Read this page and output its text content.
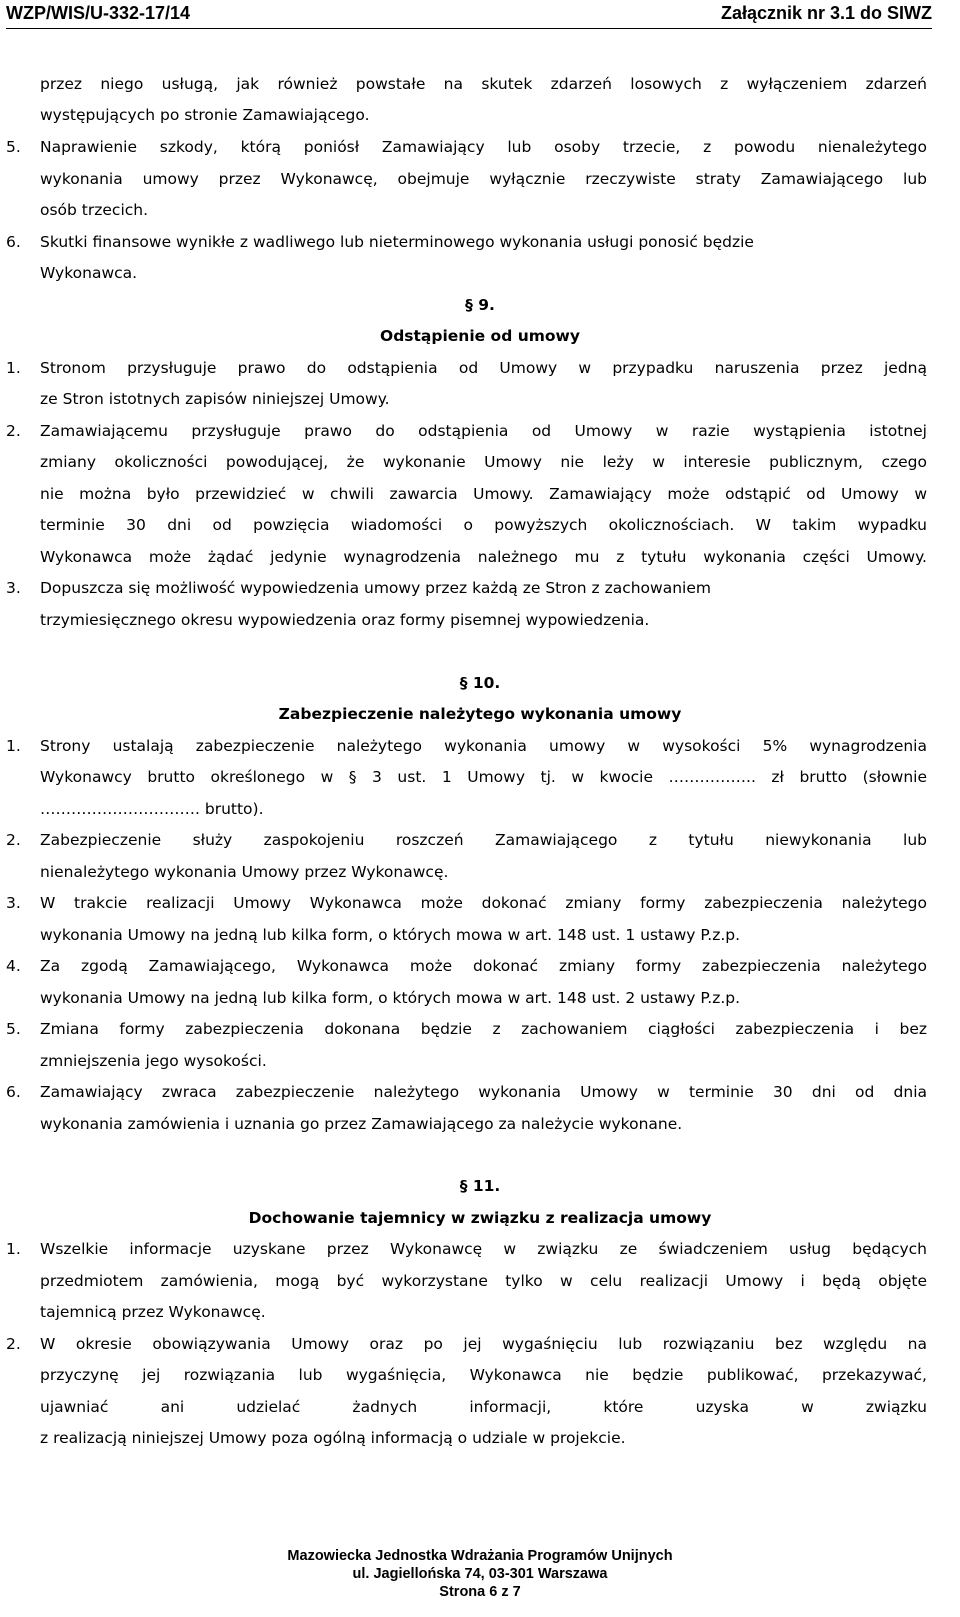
WZP/WIS/U-332-17/14	Załącznik nr 3.1 do SIWZ
przez niego usługą, jak również powstałe na skutek zdarzeń losowych z wyłączeniem zdarzeń
występujących po stronie Zamawiającego.
5.	Naprawienie szkody, którą poniósł Zamawiający lub osoby trzecie, z powodu nienależytego
wykonania umowy przez Wykonawcę, obejmuje wyłącznie rzeczywiste straty Zamawiającego lub
osób trzecich.
6.	Skutki finansowe wynikłe z wadliwego lub nieterminowego wykonania usługi ponosić będzie
Wykonawca.
§ 9.
Odstąpienie od umowy
1.	Stronom przysługuje prawo do odstąpienia od Umowy w przypadku naruszenia przez jedną
ze Stron istotnych zapisów niniejszej Umowy.
2.	Zamawiającemu przysługuje prawo do odstąpienia od Umowy w razie wystąpienia istotnej
zmiany okoliczności powodującej, że wykonanie Umowy nie leży w interesie publicznym, czego
nie można było przewidzieć w chwili zawarcia Umowy. Zamawiający może odstąpić od Umowy w
terminie 30 dni od powzięcia wiadomości o powyższych okolicznościach. W takim wypadku
Wykonawca może żądać jedynie wynagrodzenia należnego mu z tytułu wykonania części Umowy.
3.	Dopuszcza się możliwość wypowiedzenia umowy przez każdą ze Stron z zachowaniem
trzymiesięcznego okresu wypowiedzenia oraz formy pisemnej wypowiedzenia.
§ 10.
Zabezpieczenie należytego wykonania umowy
1.	Strony ustalają zabezpieczenie należytego wykonania umowy w wysokości 5% wynagrodzenia
Wykonawcy brutto określonego w § 3 ust. 1 Umowy tj. w kwocie …………….. zł brutto (słownie
…………………………. brutto).
2.	Zabezpieczenie służy zaspokojeniu roszczeń Zamawiającego z tytułu niewykonania lub
nienależytego wykonania Umowy przez Wykonawcę.
3.	W trakcie realizacji Umowy Wykonawca może dokonać zmiany formy zabezpieczenia należytego
wykonania Umowy na jedną lub kilka form, o których mowa w art. 148 ust. 1 ustawy P.z.p.
4.	Za zgodą Zamawiającego, Wykonawca może dokonać zmiany formy zabezpieczenia należytego
wykonania Umowy na jedną lub kilka form, o których mowa w art. 148 ust. 2 ustawy P.z.p.
5.	Zmiana formy zabezpieczenia dokonana będzie z zachowaniem ciągłości zabezpieczenia i bez
zmniejszenia jego wysokości.
6.	Zamawiający zwraca zabezpieczenie należytego wykonania Umowy w terminie 30 dni od dnia
wykonania zamówienia i uznania go przez Zamawiającego za należycie wykonane.
§ 11.
Dochowanie tajemnicy w związku z realizacja umowy
1.	Wszelkie informacje uzyskane przez Wykonawcę w związku ze świadczeniem usług będących
przedmiotem zamówienia, mogą być wykorzystane tylko w celu realizacji Umowy i będą objęte
tajemnicą przez Wykonawcę.
2.	W okresie obowiązywania Umowy oraz po jej wygaśnięciu lub rozwiązaniu bez względu na
przyczynę jej rozwiązania lub wygaśnięcia, Wykonawca nie będzie publikować, przekazywać,
ujawniać ani udzielać żadnych informacji, które uzyska w związku
z realizacją niniejszej Umowy poza ogólną informacją o udziale w projekcie.
Mazowiecka Jednostka Wdrażania Programów Unijnych
ul. Jagiellońska 74, 03-301 Warszawa
Strona 6 z 7
